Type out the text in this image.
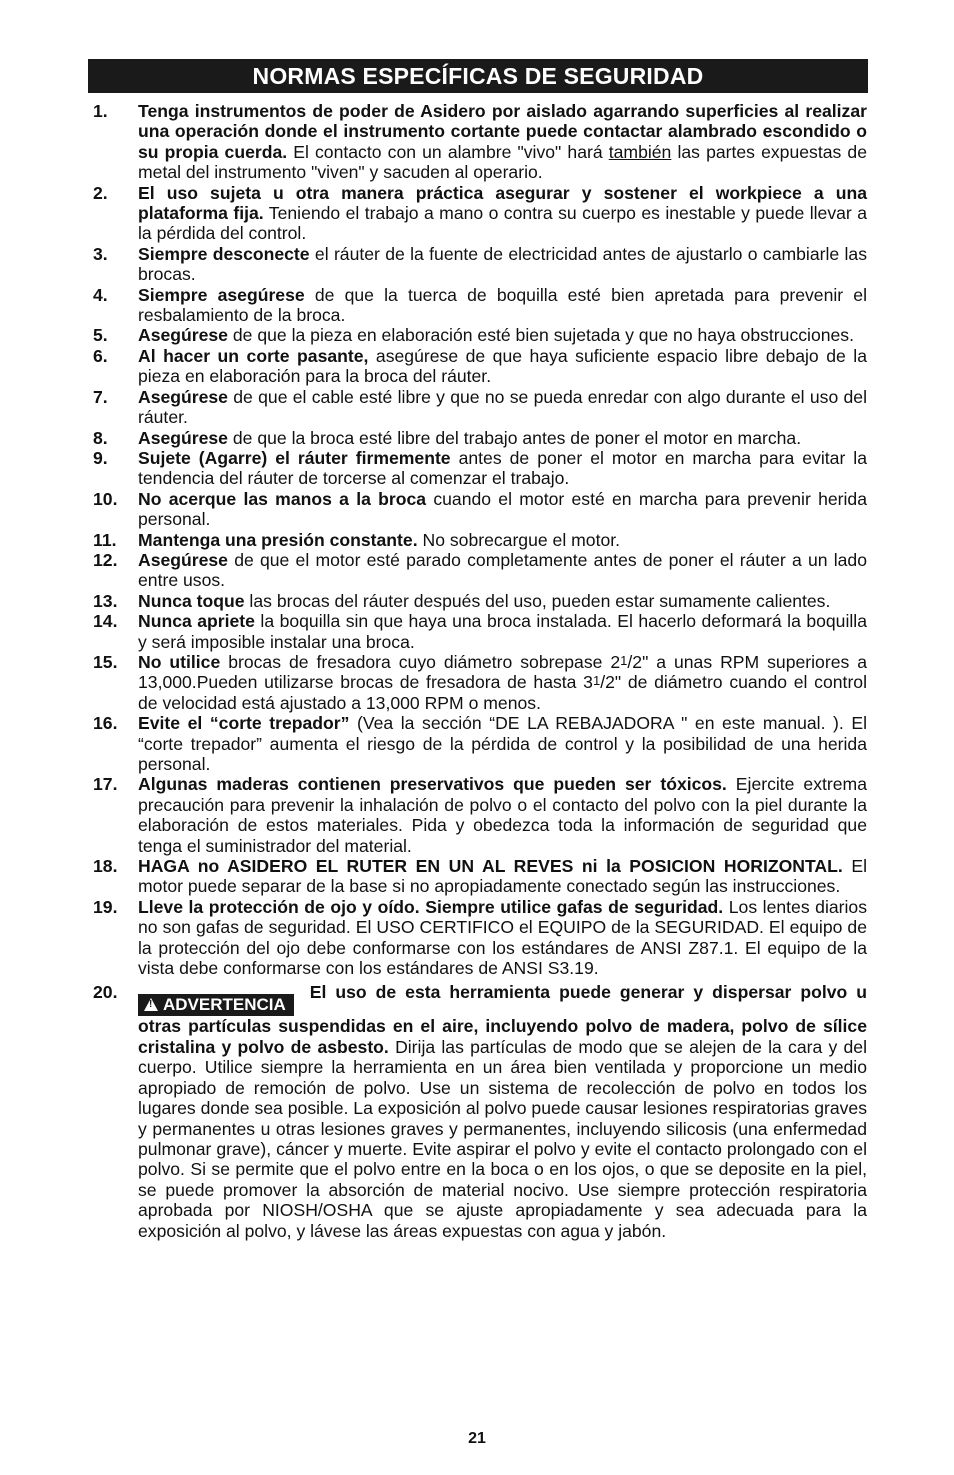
NORMAS ESPECÍFICAS DE SEGURIDAD
1. Tenga instrumentos de poder de Asidero por aislado agarrando superficies al realizar una operación donde el instrumento cortante puede contactar alambrado escondido o su propia cuerda. El contacto con un alambre "vivo" hará también las partes expuestas de metal del instrumento "viven" y sacuden al operario.
2. El uso sujeta u otra manera práctica asegurar y sostener el workpiece a una plataforma fija. Teniendo el trabajo a mano o contra su cuerpo es inestable y puede llevar a la pérdida del control.
3. Siempre desconecte el ráuter de la fuente de electricidad antes de ajustarlo o cambiarle las brocas.
4. Siempre asegúrese de que la tuerca de boquilla esté bien apretada para prevenir el resbalamiento de la broca.
5. Asegúrese de que la pieza en elaboración esté bien sujetada y que no haya obstrucciones.
6. Al hacer un corte pasante, asegúrese de que haya suficiente espacio libre debajo de la pieza en elaboración para la broca del ráuter.
7. Asegúrese de que el cable esté libre y que no se pueda enredar con algo durante el uso del ráuter.
8. Asegúrese de que la broca esté libre del trabajo antes de poner el motor en marcha.
9. Sujete (Agarre) el ráuter firmemente antes de poner el motor en marcha para evitar la tendencia del ráuter de torcerse al comenzar el trabajo.
10. No acerque las manos a la broca cuando el motor esté en marcha para prevenir herida personal.
11. Mantenga una presión constante. No sobrecargue el motor.
12. Asegúrese de que el motor esté parado completamente antes de poner el ráuter a un lado entre usos.
13. Nunca toque las brocas del ráuter después del uso, pueden estar sumamente calientes.
14. Nunca apriete la boquilla sin que haya una broca instalada. El hacerlo deformará la boquilla y será imposible instalar una broca.
15. No utilice brocas de fresadora cuyo diámetro sobrepase $2^1/2$" a unas RPM superiores a 13,000.Pueden utilizarse brocas de fresadora de hasta $3^1/2$" de diámetro cuando el control de velocidad está ajustado a 13,000 RPM o menos.
16. Evite el “corte trepador” (Vea la sección “DE LA REBAJADORA " en este manual. ). El “corte trepador” aumenta el riesgo de la pérdida de control y la posibilidad de una herida personal.
17. Algunas maderas contienen preservativos que pueden ser tóxicos. Ejercite extrema precaución para prevenir la inhalación de polvo o el contacto del polvo con la piel durante la elaboración de estos materiales. Pida y obedezca toda la información de seguridad que tenga el suministrador del material.
18. HAGA no ASIDERO EL RUTER EN UN AL REVES ni la POSICION HORIZONTAL. El motor puede separar de la base si no apropiadamente conectado según las instrucciones.
19. Lleve la protección de ojo y oído. Siempre utilice gafas de seguridad. Los lentes diarios no son gafas de seguridad. El USO CERTIFICO el EQUIPO de la SEGURIDAD. El equipo de la protección del ojo debe conformarse con los estándares de ANSI Z87.1. El equipo de la vista debe conformarse con los estándares de ANSI S3.19.
20.
!ADVERTENCIAEl uso de esta herramienta puede generar y dispersar polvo u otras partículas suspendidas en el aire, incluyendo polvo de madera, polvo de sílice cristalina y polvo de asbesto. Dirija las partículas de modo que se alejen de la cara y del cuerpo. Utilice siempre la herramienta en un área bien ventilada y proporcione un medio apropiado de remoción de polvo. Use un sistema de recolección de polvo en todos los lugares donde sea posible. La exposición al polvo puede causar lesiones respiratorias graves y permanentes u otras lesiones graves y permanentes, incluyendo silicosis (una enfermedad pulmonar grave), cáncer y muerte. Evite aspirar el polvo y evite el contacto prolongado con el polvo. Si se permite que el polvo entre en la boca o en los ojos, o que se deposite en la piel, se puede promover la absorción de material nocivo. Use siempre protección respiratoria aprobada por NIOSH/OSHA que se ajuste apropiadamente y sea adecuada para la exposición al polvo, y lávese las áreas expuestas con agua y jabón.
21
